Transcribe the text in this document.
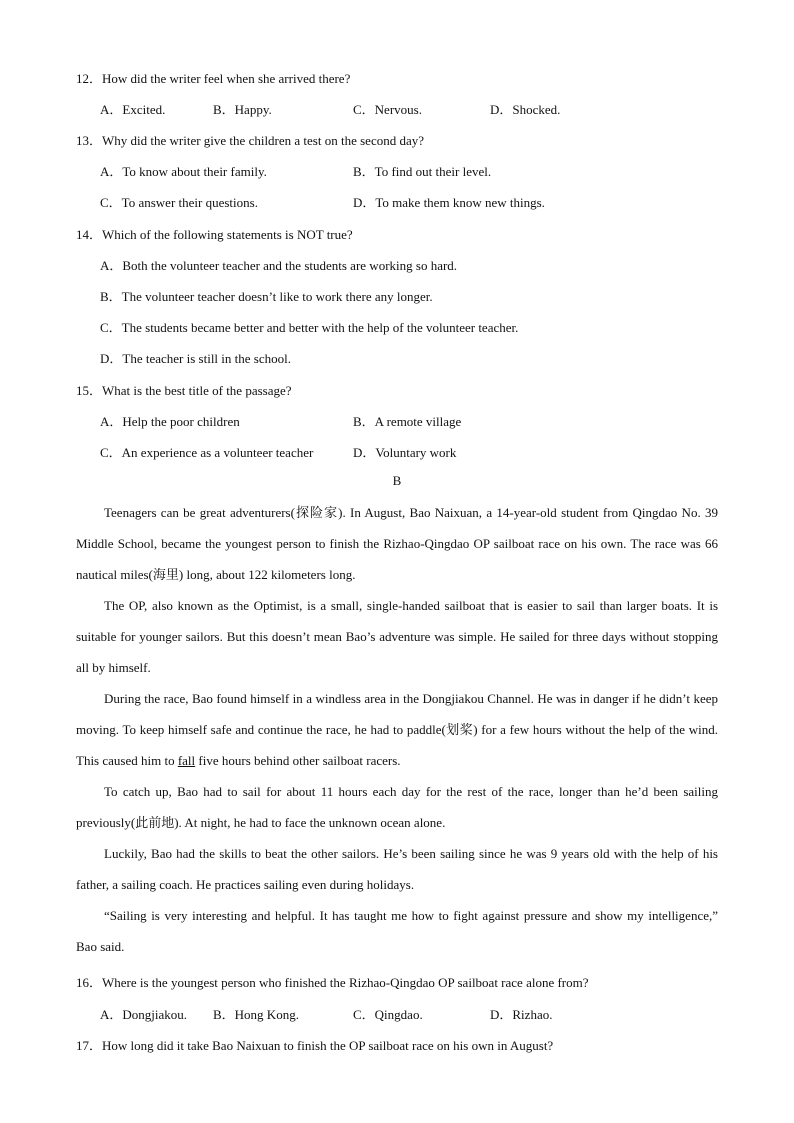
12．How did the writer feel when she arrived there?
A．Excited.	B．Happy.	C．Nervous.	D．Shocked.
13．Why did the writer give the children a test on the second day?
A．To know about their family.	B．To find out their level.
C．To answer their questions.	D．To make them know new things.
14．Which of the following statements is NOT true?
A．Both the volunteer teacher and the students are working so hard.
B．The volunteer teacher doesn’t like to work there any longer.
C．The students became better and better with the help of the volunteer teacher.
D．The teacher is still in the school.
15．What is the best title of the passage?
A．Help the poor children	B．A remote village
C．An experience as a volunteer teacher	D．Voluntary work
B

Teenagers can be great adventurers(探险家). In August, Bao Naixuan, a 14-year-old student from Qingdao No. 39 Middle School, became the youngest person to finish the Rizhao-Qingdao OP sailboat race on his own. The race was 66 nautical miles(海里) long, about 122 kilometers long.

The OP, also known as the Optimist, is a small, single-handed sailboat that is easier to sail than larger boats. It is suitable for younger sailors. But this doesn’t mean Bao’s adventure was simple. He sailed for three days without stopping all by himself.

During the race, Bao found himself in a windless area in the Dongjiakou Channel. He was in danger if he didn’t keep moving. To keep himself safe and continue the race, he had to paddle(划桨) for a few hours without the help of the wind. This caused him to fall five hours behind other sailboat racers.

To catch up, Bao had to sail for about 11 hours each day for the rest of the race, longer than he’d been sailing previously(此前地). At night, he had to face the unknown ocean alone.

Luckily, Bao had the skills to beat the other sailors. He’s been sailing since he was 9 years old with the help of his father, a sailing coach. He practices sailing even during holidays.

“Sailing is very interesting and helpful. It has taught me how to fight against pressure and show my intelligence,” Bao said.

16．Where is the youngest person who finished the Rizhao-Qingdao OP sailboat race alone from?
A．Dongjiakou. B．Hong Kong.	C．Qingdao.	D．Rizhao.
17．How long did it take Bao Naixuan to finish the OP sailboat race on his own in August?
